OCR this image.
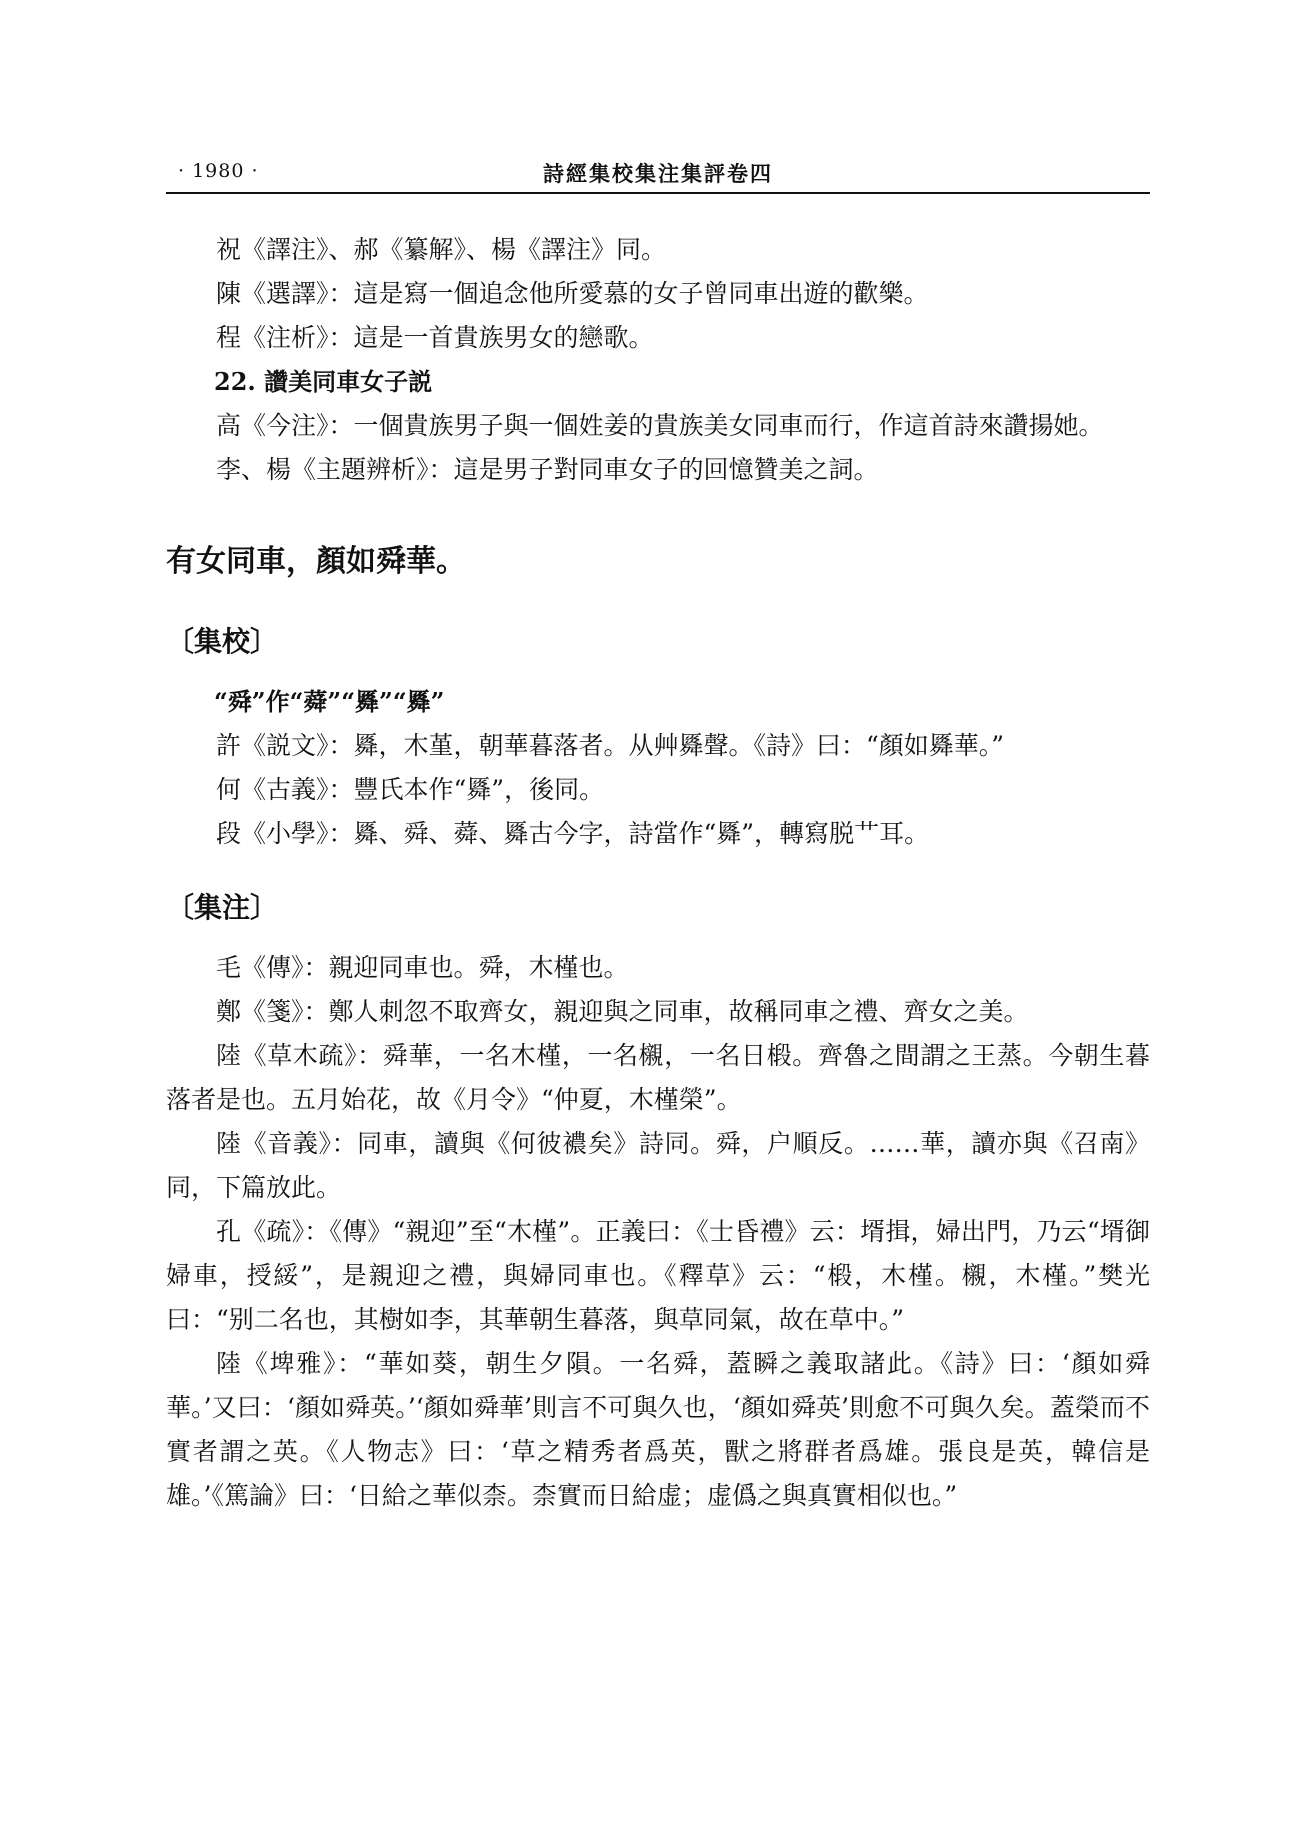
· 1980 ·	詩經集校集注集評卷四

祝《譯注》、郝《纂解》、楊《譯注》同。

陳《選譯》：這是寫一個追念他所愛慕的女子曾同車出遊的歡樂。

程《注析》：這是一首貴族男女的戀歌。

22. 讚美同車女子説

高《今注》：一個貴族男子與一個姓姜的貴族美女同車而行，作這首詩來讚揚她。

李、楊《主題辨析》：這是男子對同車女子的回憶贊美之詞。

有女同車，顏如舜華。

〔集校〕

“舜”作“蕣”“䑞”“䑞”

許《説文》：䑞，木堇，朝華暮落者。从艸䑞聲。《詩》曰：“顏如䑞華。”

何《古義》：豐氏本作“䑞”，後同。

段《小學》：䑞、舜、蕣、䑞古今字，詩當作“䑞”，轉寫脱艹耳。

〔集注〕

毛《傳》：親迎同車也。舜，木槿也。

鄭《箋》：鄭人刺忽不取齊女，親迎與之同車，故稱同車之禮、齊女之美。

陸《草木疏》：舜華，一名木槿，一名櫬，一名日椴。齊魯之間謂之王蒸。今朝生暮落者是也。五月始花，故《月令》“仲夏，木槿榮”。

陸《音義》：同車，讀與《何彼襛矣》詩同。舜，户順反。……華，讀亦與《召南》同，下篇放此。

孔《疏》：《傳》“親迎”至“木槿”。正義曰：《士昏禮》云：壻揖，婦出門，乃云“壻御婦車，授綏”，是親迎之禮，與婦同車也。《釋草》云：“椴，木槿。櫬，木槿。”樊光曰：“别二名也，其樹如李，其華朝生暮落，與草同氣，故在草中。”

陸《埤雅》：“華如葵，朝生夕隕。一名舜，蓋瞬之義取諸此。《詩》曰：‘顏如舜華。’又曰：‘顏如舜英。’‘顏如舜華’則言不可與久也，‘顏如舜英’則愈不可與久矣。蓋榮而不實者謂之英。《人物志》曰：‘草之精秀者爲英，獸之將群者爲雄。張良是英，韓信是雄。’《篤論》曰：‘日給之華似柰。柰實而日給虚；虚僞之與真實相似也。”
